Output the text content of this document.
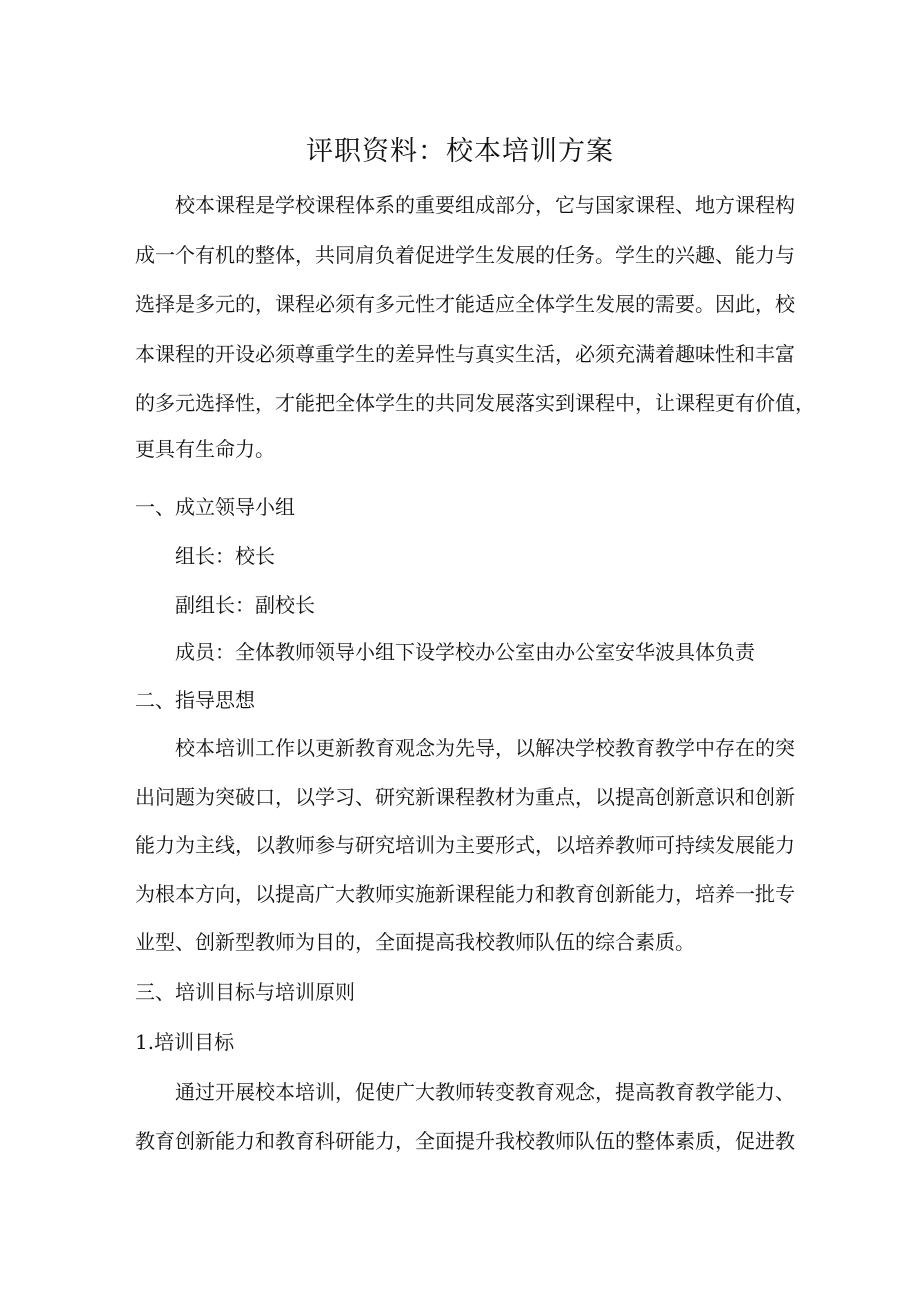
评职资料：校本培训方案
校本课程是学校课程体系的重要组成部分，它与国家课程、地方课程构
成一个有机的整体，共同肩负着促进学生发展的任务。学生的兴趣、能力与
选择是多元的，课程必须有多元性才能适应全体学生发展的需要。因此，校
本课程的开设必须尊重学生的差异性与真实生活，必须充满着趣味性和丰富
的多元选择性，才能把全体学生的共同发展落实到课程中，让课程更有价值，
更具有生命力。
一、成立领导小组
组长：校长
副组长：副校长
成员：全体教师领导小组下设学校办公室由办公室安华波具体负责
二、指导思想
校本培训工作以更新教育观念为先导，以解决学校教育教学中存在的突
出问题为突破口，以学习、研究新课程教材为重点，以提高创新意识和创新
能力为主线，以教师参与研究培训为主要形式，以培养教师可持续发展能力
为根本方向，以提高广大教师实施新课程能力和教育创新能力，培养一批专
业型、创新型教师为目的，全面提高我校教师队伍的综合素质。
三、培训目标与培训原则
1.培训目标
通过开展校本培训，促使广大教师转变教育观念，提高教育教学能力、
教育创新能力和教育科研能力，全面提升我校教师队伍的整体素质，促进教
